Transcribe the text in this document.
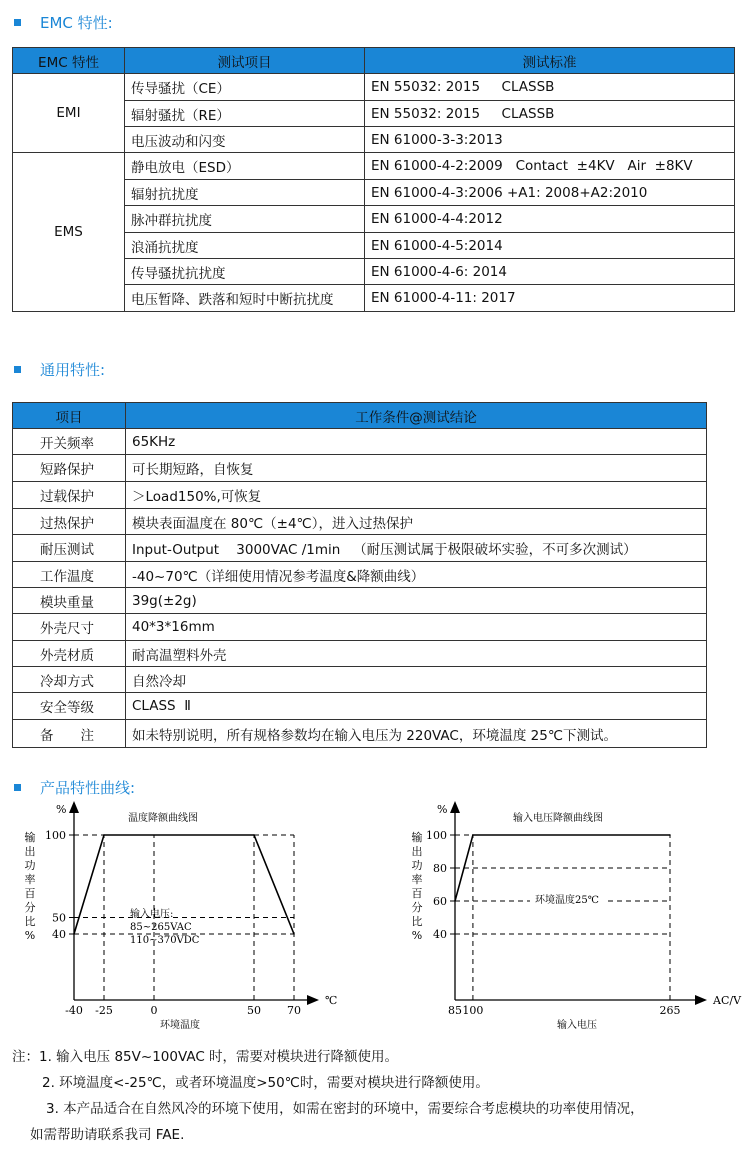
EMC 特性:
EMC 特性	测试项目	测试标准
EMI	传导骚扰（CE）	EN 55032: 2015     CLASSB
	辐射骚扰（RE）	EN 55032: 2015     CLASSB
	电压波动和闪变	EN 61000-3-3:2013
EMS	静电放电（ESD）	EN 61000-4-2:2009   Contact  ±4KV   Air  ±8KV
	辐射抗扰度	EN 61000-4-3:2006 +A1: 2008+A2:2010
	脉冲群抗扰度	EN 61000-4-4:2012
	浪涌抗扰度	EN 61000-4-5:2014
	传导骚扰抗扰度	EN 61000-4-6: 2014
	电压暂降、跌落和短时中断抗扰度	EN 61000-4-11: 2017
通用特性:
项目	工作条件@测试结论
开关频率	65KHz
短路保护	可长期短路，自恢复
过载保护	＞Load150%,可恢复
过热保护	模块表面温度在 80℃（±4℃），进入过热保护
耐压测试	Input-Output    3000VAC /1min   （耐压测试属于极限破坏实验，不可多次测试）
工作温度	-40~70℃（详细使用情况参考温度&降额曲线）
模块重量	39g(±2g)
外壳尺寸	40*3*16mm
外壳材质	耐高温塑料外壳
冷却方式	自然冷却
安全等级	CLASS  Ⅱ
备　　注	如未特别说明，所有规格参数均在输入电压为 220VAC，环境温度 25℃下测试。
产品特性曲线:
%
输
出
功
率
百
分
比
%
温度降额曲线图
100
50
40
-40 -25	0	50 70
℃
环境温度
输入电压:
85~265VAC
110~370VDC
%
输
出
功
率
百
分
比
%
输入电压降额曲线图
100
80
60
40
85 100	265
AC/V
输入电压
环境温度25℃
注：1. 输入电压 85V~100VAC 时，需要对模块进行降额使用。
2. 环境温度<-25℃，或者环境温度>50℃时，需要对模块进行降额使用。
3. 本产品适合在自然风冷的环境下使用，如需在密封的环境中，需要综合考虑模块的功率使用情况，
如需帮助请联系我司 FAE.
